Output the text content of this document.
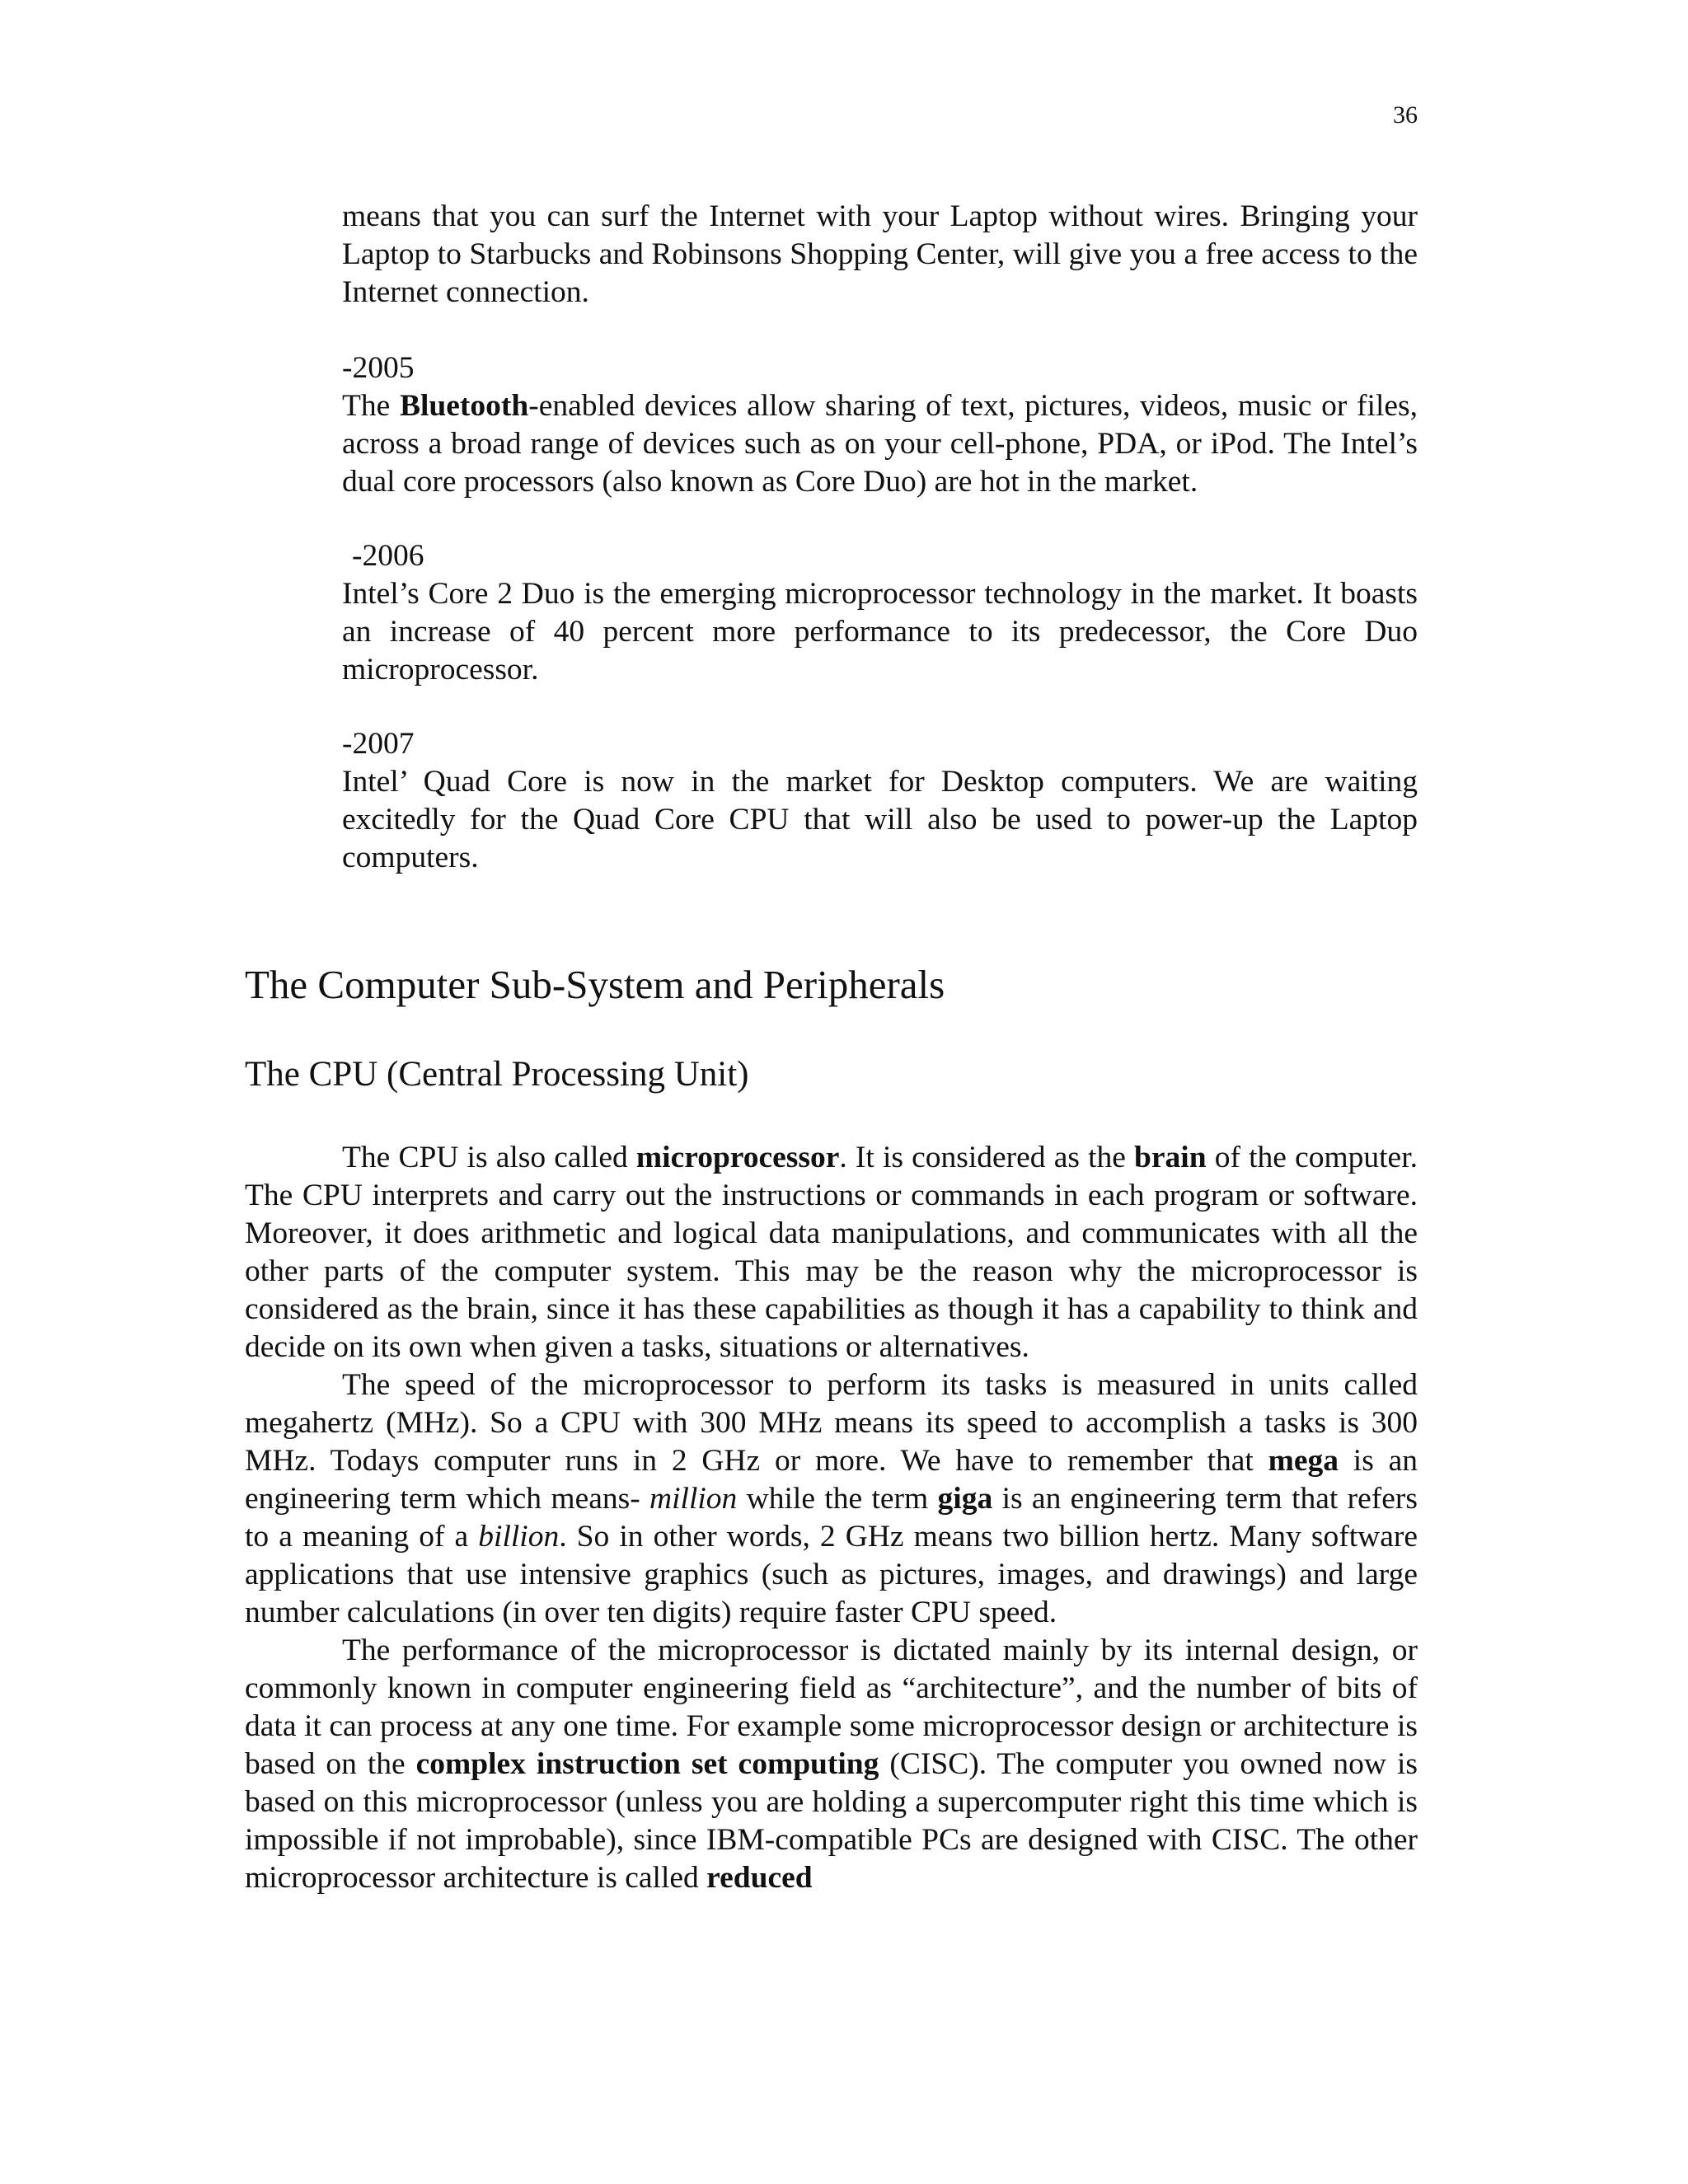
36

means that you can surf the Internet with your Laptop without wires. Bringing your Laptop to Starbucks and Robinsons Shopping Center, will give you a free access to the Internet connection.

-2005
The Bluetooth-enabled devices allow sharing of text, pictures, videos, music or files, across a broad range of devices such as on your cell-phone, PDA, or iPod. The Intel’s dual core processors (also known as Core Duo) are hot in the market.

-2006
Intel’s Core 2 Duo is the emerging microprocessor technology in the market. It boasts an increase of 40 percent more performance to its predecessor, the Core Duo microprocessor.

-2007
Intel’ Quad Core is now in the market for Desktop computers. We are waiting excitedly for the Quad Core CPU that will also be used to power-up the Laptop computers.

The Computer Sub-System and Peripherals
The CPU (Central Processing Unit)

The CPU is also called microprocessor. It is considered as the brain of the computer. The CPU interprets and carry out the instructions or commands in each program or software. Moreover, it does arithmetic and logical data manipulations, and communicates with all the other parts of the computer system. This may be the reason why the microprocessor is considered as the brain, since it has these capabilities as though it has a capability to think and decide on its own when given a tasks, situations or alternatives.

The speed of the microprocessor to perform its tasks is measured in units called megahertz (MHz). So a CPU with 300 MHz means its speed to accomplish a tasks is 300 MHz. Todays computer runs in 2 GHz or more. We have to remember that mega is an engineering term which means- million while the term giga is an engineering term that refers to a meaning of a billion. So in other words, 2 GHz means two billion hertz. Many software applications that use intensive graphics (such as pictures, images, and drawings) and large number calculations (in over ten digits) require faster CPU speed.

The performance of the microprocessor is dictated mainly by its internal design, or commonly known in computer engineering field as “architecture”, and the number of bits of data it can process at any one time. For example some microprocessor design or architecture is based on the complex instruction set computing (CISC). The computer you owned now is based on this microprocessor (unless you are holding a supercomputer right this time which is impossible if not improbable), since IBM-compatible PCs are designed with CISC. The other microprocessor architecture is called reduced
